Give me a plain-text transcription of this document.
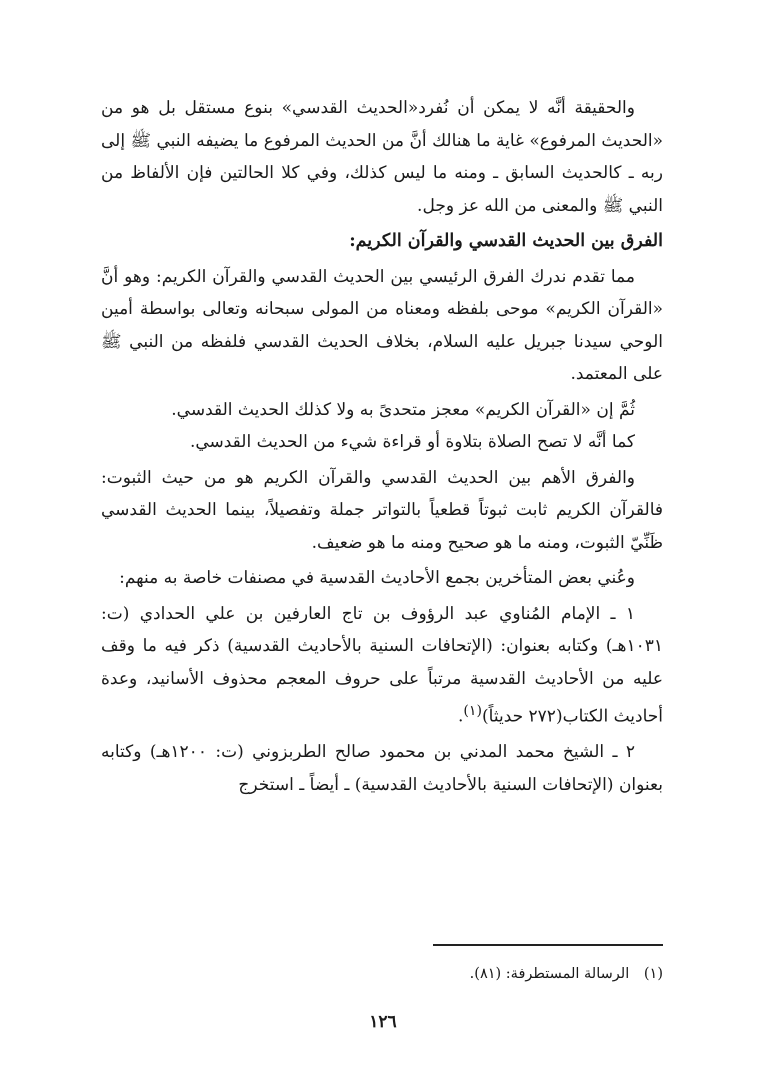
والحقيقة أنَّه لا يمكن أن نُفرد«الحديث القدسي» بنوع مستقل بل هو من «الحديث المرفوع» غاية ما هنالك أنَّ من الحديث المرفوع ما يضيفه النبي ﷺ إلى ربه ـ كالحديث السابق ـ ومنه ما ليس كذلك، وفي كلا الحالتين فإن الألفاظ من النبي ﷺ والمعنى من الله عز وجل.

الفرق بين الحديث القدسي والقرآن الكريم:

مما تقدم ندرك الفرق الرئيسي بين الحديث القدسي والقرآن الكريم: وهو أنَّ «القرآن الكريم» موحى بلفظه ومعناه من المولى سبحانه وتعالى بواسطة أمين الوحي سيدنا جبريل عليه السلام، بخلاف الحديث القدسي فلفظه من النبي ﷺ على المعتمد.

ثُمَّ إن «القرآن الكريم» معجز متحدىً به ولا كذلك الحديث القدسي.

كما أنَّه لا تصح الصلاة بتلاوة أو قراءة شيء من الحديث القدسي.

والفرق الأهم بين الحديث القدسي والقرآن الكريم هو من حيث الثبوت: فالقرآن الكريم ثابت ثبوتاً قطعياً بالتواتر جملة وتفصيلاً، بينما الحديث القدسي ظَنِّيّ الثبوت، ومنه ما هو صحيح ومنه ما هو ضعيف.

وعُني بعض المتأخرين بجمع الأحاديث القدسية في مصنفات خاصة به منهم:

١ ـ الإمام المُناوي عبد الرؤوف بن تاج العارفين بن علي الحدادي (ت: ١٠٣١هـ) وكتابه بعنوان: (الإتحافات السنية بالأحاديث القدسية) ذكر فيه ما وقف عليه من الأحاديث القدسية مرتباً على حروف المعجم محذوف الأسانيد، وعدة أحاديث الكتاب(٢٧٢ حديثاً)$^{(١)}$.

٢ ـ الشيخ محمد المدني بن محمود صالح الطربزوني (ت: ١٢٠٠هـ) وكتابه بعنوان (الإتحافات السنية بالأحاديث القدسية) ـ أيضاً ـ استخرج

(١) الرسالة المستطرفة: (٨١).
١٢٦
